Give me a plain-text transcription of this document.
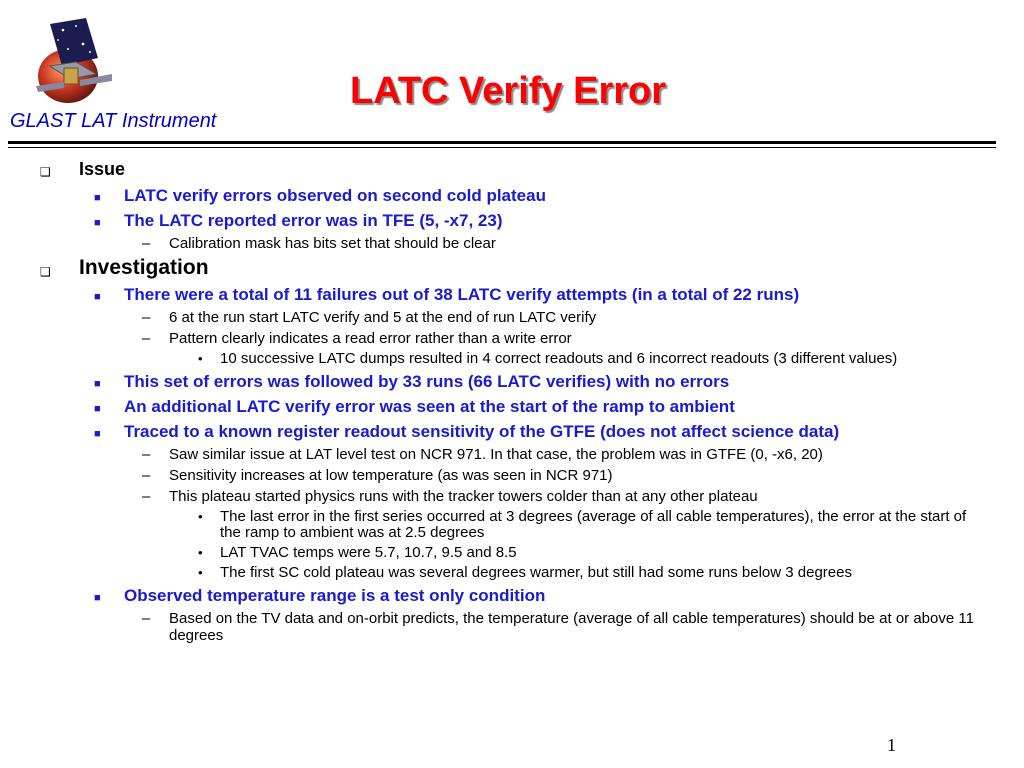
GLAST LAT Instrument
LATC Verify Error
❑ Issue
■ LATC verify errors observed on second cold plateau
■ The LATC reported error was in TFE (5, -x7, 23)
– Calibration mask has bits set that should be clear
❑ Investigation
■ There were a total of 11 failures out of 38 LATC verify attempts (in a total of 22 runs)
– 6 at the run start LATC verify and 5 at the end of run LATC verify
– Pattern clearly indicates a read error rather than a write error
• 10 successive LATC dumps resulted in 4 correct readouts and 6 incorrect readouts (3 different values)
■ This set of errors was followed by 33 runs (66 LATC verifies) with no errors
■ An additional LATC verify error was seen at the start of the ramp to ambient
■ Traced to a known register readout sensitivity of the GTFE (does not affect science data)
– Saw similar issue at LAT level test on NCR 971. In that case, the problem was in GTFE (0, -x6, 20)
– Sensitivity increases at low temperature (as was seen in NCR 971)
– This plateau started physics runs with the tracker towers colder than at any other plateau
• The last error in the first series occurred at 3 degrees (average of all cable temperatures), the error at the start of the ramp to ambient was at 2.5 degrees
• LAT TVAC temps were 5.7, 10.7, 9.5 and 8.5
• The first SC cold plateau was several degrees warmer, but still had some runs below 3 degrees
■ Observed temperature range is a test only condition
– Based on the TV data and on-orbit predicts, the temperature (average of all cable temperatures) should be at or above 11 degrees
1
